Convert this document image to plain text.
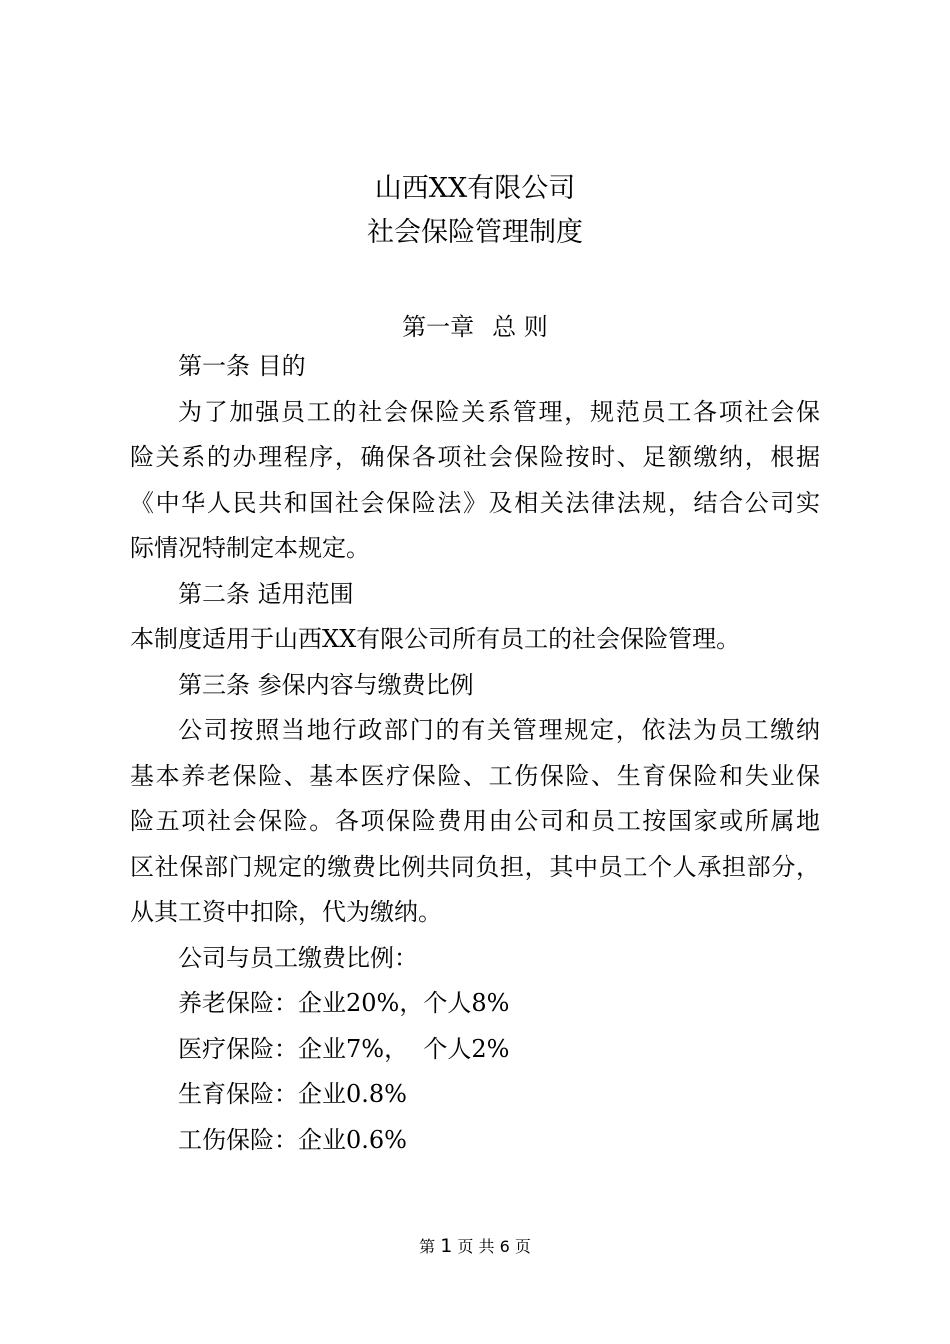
山西XX有限公司
社会保险管理制度
第一章 总 则
第一条 目的
为了加强员工的社会保险关系管理，规范员工各项社会保
险关系的办理程序，确保各项社会保险按时、足额缴纳，根据
《中华人民共和国社会保险法》及相关法律法规，结合公司实
际情况特制定本规定。
第二条 适用范围
本制度适用于山西XX有限公司所有员工的社会保险管理。
第三条 参保内容与缴费比例
公司按照当地行政部门的有关管理规定，依法为员工缴纳
基本养老保险、基本医疗保险、工伤保险、生育保险和失业保
险五项社会保险。各项保险费用由公司和员工按国家或所属地
区社保部门规定的缴费比例共同负担，其中员工个人承担部分，
从其工资中扣除，代为缴纳。
公司与员工缴费比例：
养老保险：企业20%，个人8%
医疗保险：企业7%，  个人2%
生育保险：企业0.8%
工伤保险：企业0.6%
第 1 页 共 6 页
